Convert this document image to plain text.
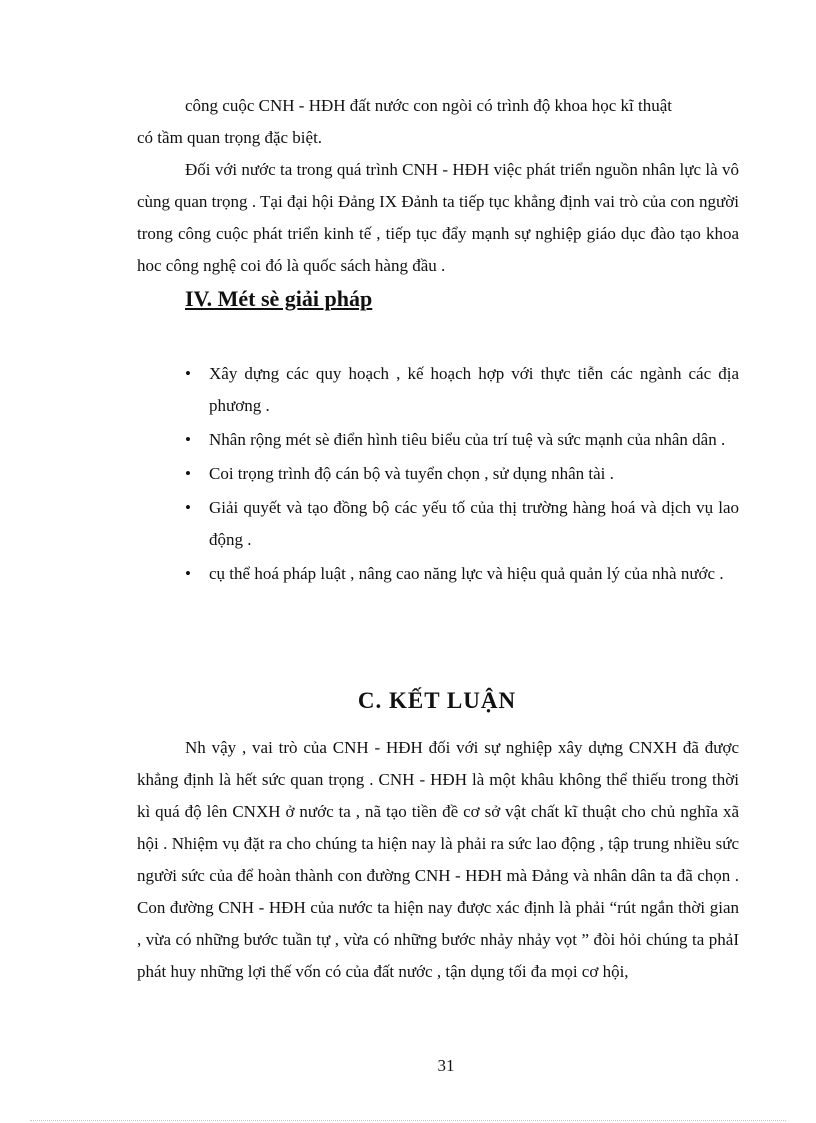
công cuộc CNH - HĐH đất nước con ngòi có trình độ khoa học kĩ thuật

có tầm quan trọng đặc biệt.

Đối với nước ta trong quá trình CNH - HĐH việc phát triển nguồn nhân lực là vô cùng quan trọng . Tại đại hội Đảng IX Đảnh ta tiếp tục khẳng định vai trò của con người trong công cuộc phát triển kinh tế , tiếp tục đẩy mạnh sự nghiệp giáo dục đào tạo khoa hoc công nghệ coi đó là quốc sách hàng đầu .

IV. Mét sè giải pháp
• Xây dựng các quy hoạch , kế hoạch hợp với thực tiễn các ngành các địa phương .
• Nhân rộng mét sè điển hình tiêu biểu của trí tuệ và sức mạnh của nhân dân .
• Coi trọng trình độ cán bộ và tuyển chọn , sử dụng nhân tài .
• Giải quyết và tạo đồng bộ các yếu tố của thị trường hàng hoá và dịch vụ lao động .
• cụ thể hoá pháp luật , nâng cao năng lực và hiệu quả quản lý của nhà nước .
C. KẾT LUẬN

Nh vậy , vai trò của CNH - HĐH đối với sự nghiệp xây dựng CNXH đã được khẳng định là hết sức quan trọng . CNH - HĐH là một khâu không thể thiếu trong thời kì quá độ lên CNXH ở nước ta , nã tạo tiền đề cơ sở vật chất kĩ thuật cho chủ nghĩa xã hội . Nhiệm vụ đặt ra cho chúng ta hiện nay là phải ra sức lao động , tập trung nhiều sức người sức của để hoàn thành con đường CNH - HĐH mà Đảng và nhân dân ta đã chọn . Con đường CNH - HĐH của nước ta hiện nay được xác định là phải “rút ngắn thời gian , vừa có những bước tuần tự , vừa có những bước nhảy nhảy vọt ” đòi hỏi chúng ta phảI phát huy những lợi thế vốn có của đất nước , tận dụng tối đa mọi cơ hội,

31
